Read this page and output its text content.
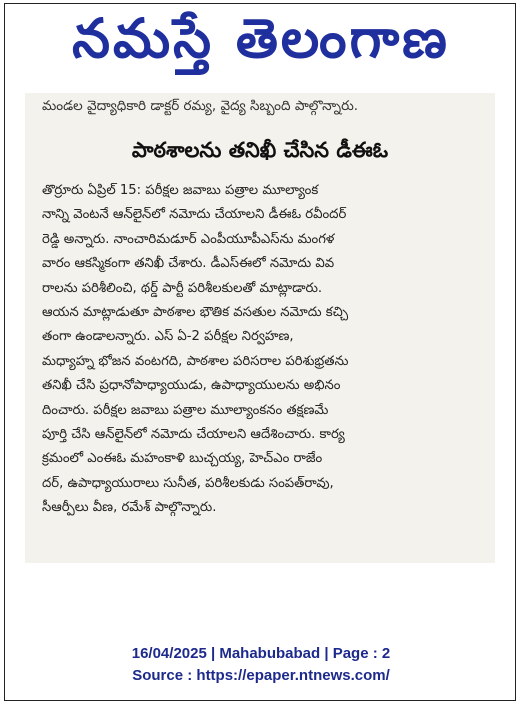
నమస్తే తెలంగాణ
మండల వైద్యాధికారి డాక్టర్ రమ్య, వైద్య సిబ్బంది పాల్గొన్నారు.
పాఠశాలను తనిఖీ చేసిన డీఈఓ
తొర్రూరు ఏప్రిల్ 15: పరీక్షల జవాబు పత్రాల మూల్యాంక
నాన్ని వెంటనే ఆన్‌లైన్‌లో నమోదు చేయాలని డీఈఓ రవీందర్
రెడ్డి అన్నారు. నాంచారిమడూర్ ఎంపీయూపీఎస్‌ను మంగళ
వారం ఆకస్మికంగా తనిఖీ చేశారు. డీఎస్ఈలో నమోదు వివ
రాలను పరిశీలించి, థర్డ్ పార్టీ పరిశీలకులతో మాట్లాడారు.
ఆయన మాట్లాడుతూ పాఠశాల భౌతిక వసతుల నమోదు కచ్చి
తంగా ఉండాలన్నారు. ఎస్ ఏ-2 పరీక్షల నిర్వహణ,
మధ్యాహ్న భోజన వంటగది, పాఠశాల పరిసరాల పరిశుభ్రతను
తనిఖీ చేసి ప్రధానోపాధ్యాయుడు, ఉపాధ్యాయులను అభినం
దించారు. పరీక్షల జవాబు పత్రాల మూల్యాంకనం తక్షణమే
పూర్తి చేసి ఆన్‌లైన్‌లో నమోదు చేయాలని ఆదేశించారు. కార్య
క్రమంలో ఎంఈఓ మహంకాళి బుచ్చయ్య, హెచ్‌ఎం రాజేం
దర్, ఉపాధ్యాయురాలు సునీత, పరిశీలకుడు సంపత్‌రావు,
సీఆర్పీలు వీణ, రమేశ్ పాల్గొన్నారు.
16/04/2025 | Mahabubabad | Page : 2
Source : https://epaper.ntnews.com/
